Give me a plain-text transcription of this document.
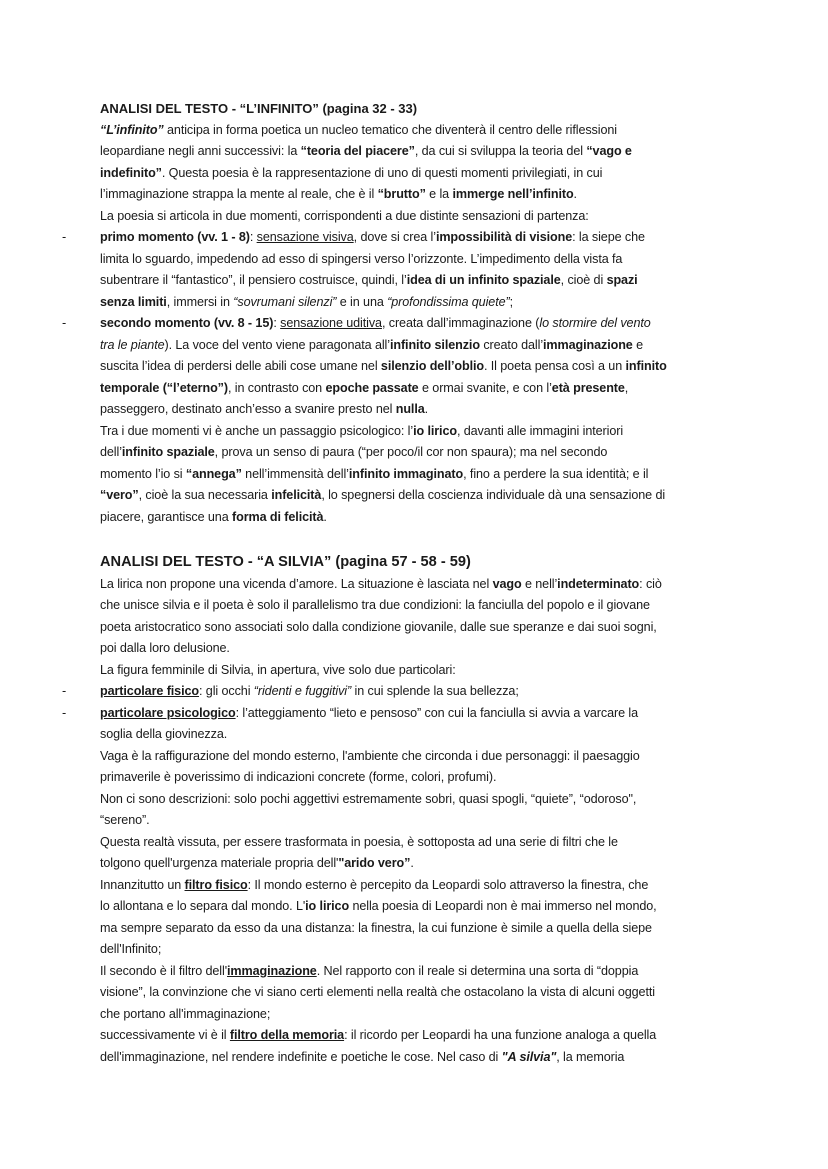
ANALISI DEL TESTO - “L’INFINITO” (pagina 32 - 33)
“L’infinito” anticipa in forma poetica un nucleo tematico che diventerà il centro delle riflessioni
leopardiane negli anni successivi: la “teoria del piacere”, da cui si sviluppa la teoria del “vago e
indefinito”. Questa poesia è la rappresentazione di uno di questi momenti privilegiati, in cui
l’immaginazione strappa la mente al reale, che è il “brutto” e la immerge nell’infinito.
La poesia si articola in due momenti, corrispondenti a due distinte sensazioni di partenza:
-	primo momento (vv. 1 - 8): sensazione visiva, dove si crea l’impossibilità di visione: la siepe che
limita lo sguardo, impedendo ad esso di spingersi verso l’orizzonte. L’impedimento della vista fa
subentrare il “fantastico”, il pensiero costruisce, quindi, l’idea di un infinito spaziale, cioè di spazi
senza limiti, immersi in “sovrumani silenzi” e in una “profondissima quiete”;
-	secondo momento (vv. 8 - 15): sensazione uditiva, creata dall’immaginazione (lo stormire del vento
tra le piante). La voce del vento viene paragonata all’infinito silenzio creato dall’immaginazione e
suscita l’idea di perdersi delle abili cose umane nel silenzio dell’oblio. Il poeta pensa così a un infinito
temporale (“l’eterno”), in contrasto con epoche passate e ormai svanite, e con l’età presente,
passeggero, destinato anch’esso a svanire presto nel nulla.
Tra i due momenti vi è anche un passaggio psicologico: l’io lirico, davanti alle immagini interiori
dell’infinito spaziale, prova un senso di paura (“per poco/il cor non spaura); ma nel secondo
momento l’io si “annega” nell’immensità dell’infinito immaginato, fino a perdere la sua identità; e il
“vero”, cioè la sua necessaria infelicità, lo spegnersi della coscienza individuale dà una sensazione di
piacere, garantisce una forma di felicità.
ANALISI DEL TESTO - “A SILVIA” (pagina 57 - 58 - 59)
La lirica non propone una vicenda d’amore. La situazione è lasciata nel vago e nell’indeterminato: ciò
che unisce silvia e il poeta è solo il parallelismo tra due condizioni: la fanciulla del popolo e il giovane
poeta aristocratico sono associati solo dalla condizione giovanile, dalle sue speranze e dai suoi sogni,
poi dalla loro delusione.
La figura femminile di Silvia, in apertura, vive solo due particolari:
-	particolare fisico: gli occhi “ridenti e fuggitivi” in cui splende la sua bellezza;
-	particolare psicologico: l’atteggiamento “lieto e pensoso” con cui la fanciulla si avvia a varcare la
soglia della giovinezza.
Vaga è la raffigurazione del mondo esterno, l'ambiente che circonda i due personaggi: il paesaggio
primaverile è poverissimo di indicazioni concrete (forme, colori, profumi).
Non ci sono descrizioni: solo pochi aggettivi estremamente sobri, quasi spogli, “quiete”, “odoroso",
“sereno”.
Questa realtà vissuta, per essere trasformata in poesia, è sottoposta ad una serie di filtri che le
tolgono quell'urgenza materiale propria dell'"arido vero”.
Innanzitutto un filtro fisico: Il mondo esterno è percepito da Leopardi solo attraverso la finestra, che
lo allontana e lo separa dal mondo. L'io lirico nella poesia di Leopardi non è mai immerso nel mondo,
ma sempre separato da esso da una distanza: la finestra, la cui funzione è simile a quella della siepe
dell'Infinito;
Il secondo è il filtro dell'immaginazione. Nel rapporto con il reale si determina una sorta di “doppia
visione”, la convinzione che vi siano certi elementi nella realtà che ostacolano la vista di alcuni oggetti
che portano all'immaginazione;
successivamente vi è il filtro della memoria: il ricordo per Leopardi ha una funzione analoga a quella
dell'immaginazione, nel rendere indefinite e poetiche le cose. Nel caso di "A silvia", la memoria
